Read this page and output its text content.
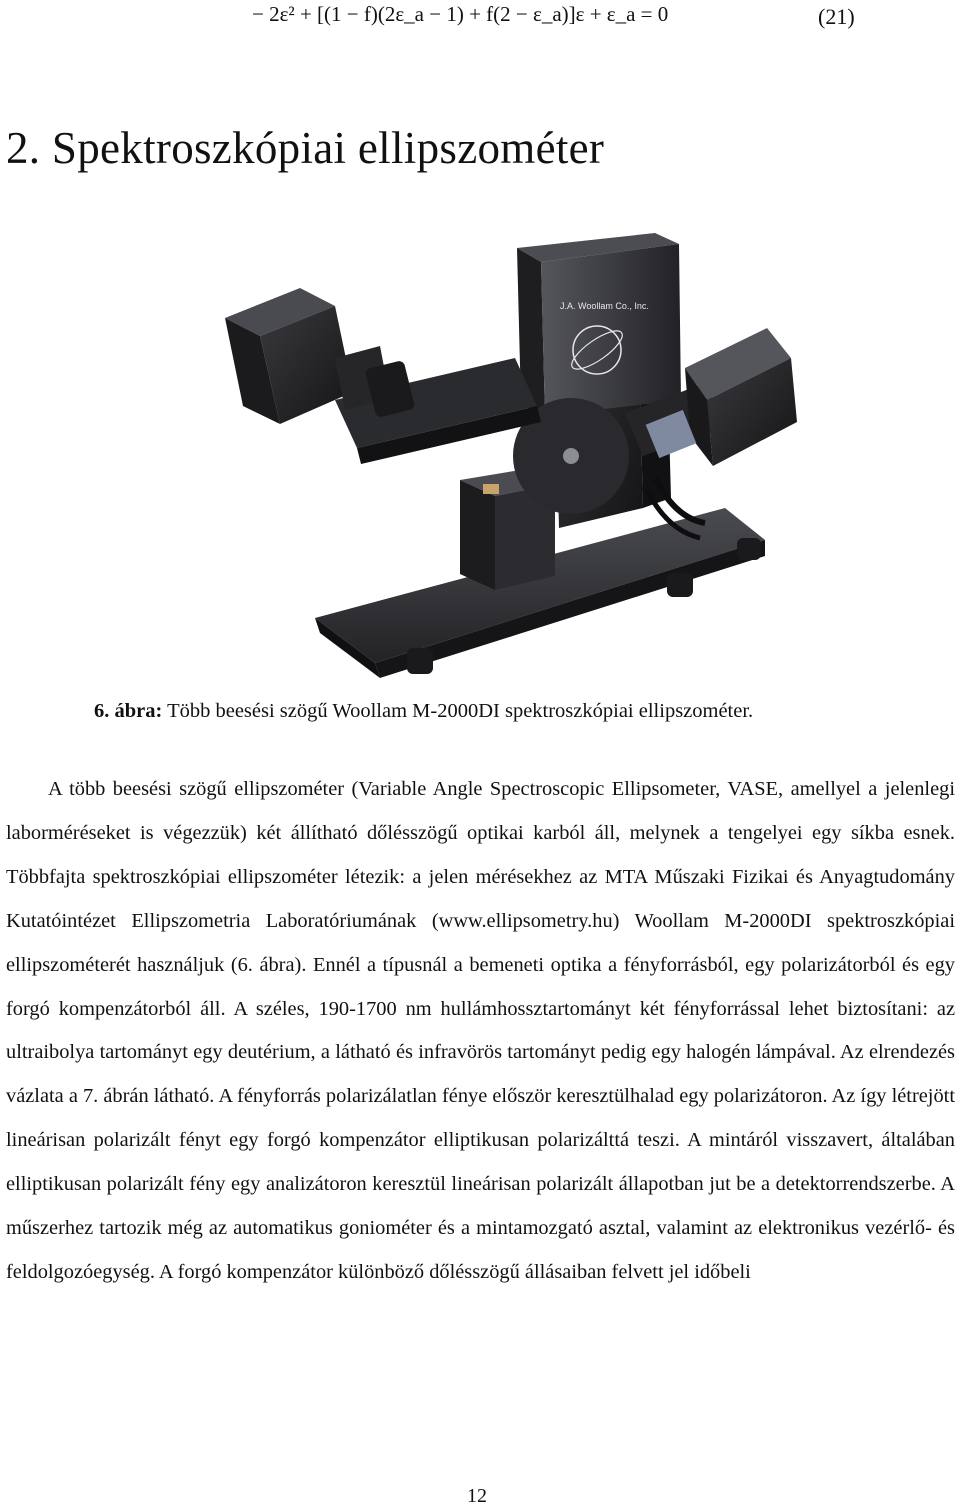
− 2ε² + [(1 − f)(2ε_a − 1) + f(2 − ε_a)]ε + ε_a = 0	(21)
2. Spektroszkópiai ellipszométer
J.A. Woollam Co., Inc.
6. ábra: Több beesési szögű Woollam M-2000DI spektroszkópiai ellipszométer.

A több beesési szögű ellipszométer (Variable Angle Spectroscopic Ellipsometer, VASE, amellyel a jelenlegi laborméréseket is végezzük) két állítható dőlésszögű optikai karból áll, melynek a tengelyei egy síkba esnek. Többfajta spektroszkópiai ellipszométer létezik: a jelen mérésekhez az MTA Műszaki Fizikai és Anyagtudomány Kutatóintézet Ellipszometria Laboratóriumának (www.ellipsometry.hu) Woollam M-2000DI spektroszkópiai ellipszométerét használjuk (6. ábra). Ennél a típusnál a bemeneti optika a fényforrásból, egy polarizátorból és egy forgó kompenzátorból áll. A széles, 190-1700 nm hullámhossztartományt két fényforrással lehet biztosítani: az ultraibolya tartományt egy deutérium, a látható és infravörös tartományt pedig egy halogén lámpával. Az elrendezés vázlata a 7. ábrán látható. A fényforrás polarizálatlan fénye először keresztülhalad egy polarizátoron. Az így létrejött lineárisan polarizált fényt egy forgó kompenzátor elliptikusan polarizálttá teszi. A mintáról visszavert, általában elliptikusan polarizált fény egy analizátoron keresztül lineárisan polarizált állapotban jut be a detektorrendszerbe. A műszerhez tartozik még az automatikus goniométer és a mintamozgató asztal, valamint az elektronikus vezérlő- és feldolgozóegység. A forgó kompenzátor különböző dőlésszögű állásaiban felvett jel időbeli

12
